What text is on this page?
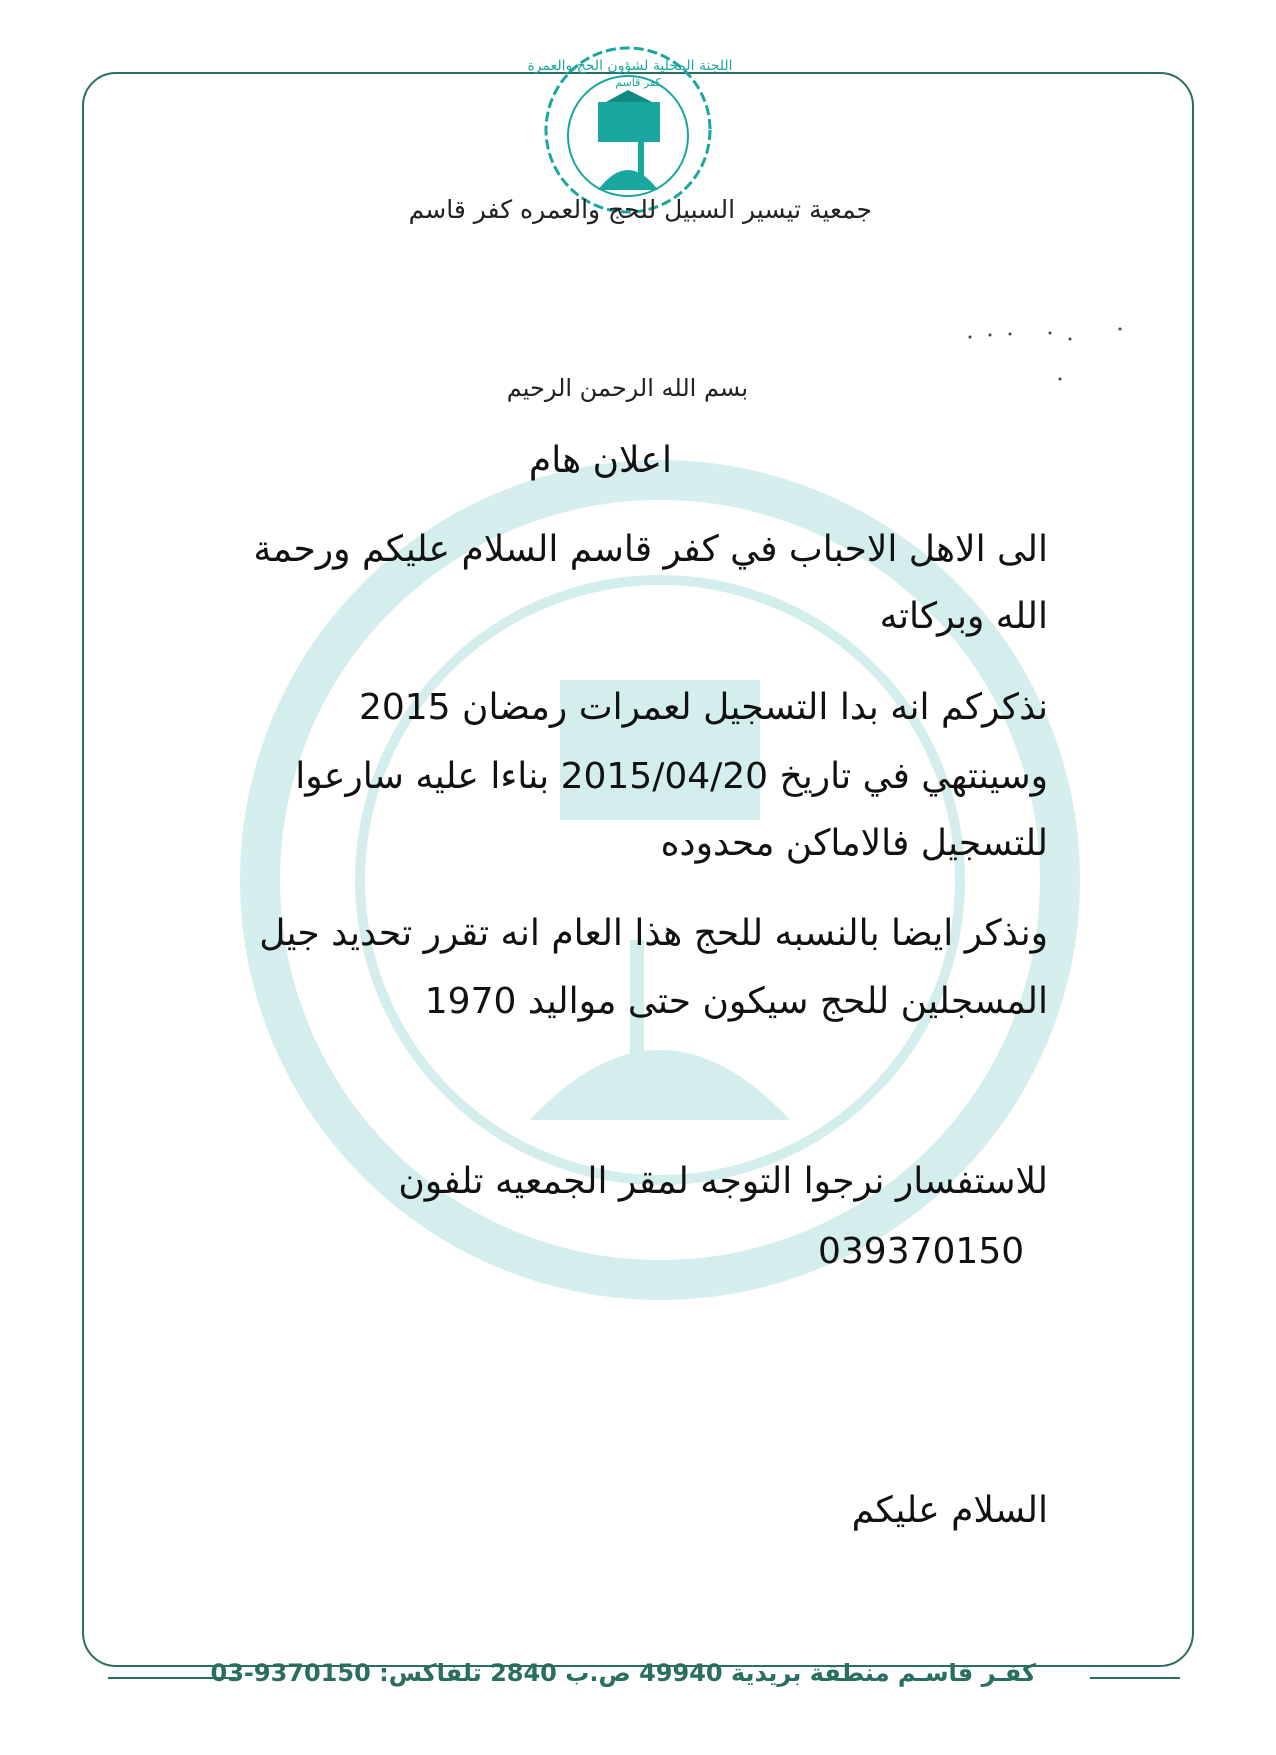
اللجنة المحلية لشؤون الحج والعمرة
كفر قاسم
جمعية تيسير السبيل للحج والعمره كفر قاسم
بسم الله الرحمن الرحيم
اعلان هام
الى الاهل الاحباب في كفر قاسم السلام عليكم ورحمة
الله وبركاته
نذكركم انه بدا التسجيل لعمرات رمضان 2015
وسينتهي في تاريخ 2015/04/20 بناءا عليه سارعوا
للتسجيل فالاماكن محدوده
ونذكر ايضا بالنسبه للحج هذا العام انه تقرر تحديد جيل
المسجلين للحج سيكون حتى مواليد 1970
للاستفسار نرجوا التوجه لمقر الجمعيه تلفون
039370150
السلام عليكم
كفـر قاسـم منطقة بريدية 49940 ص.ب 2840 تلفاكس: 03-9370150
